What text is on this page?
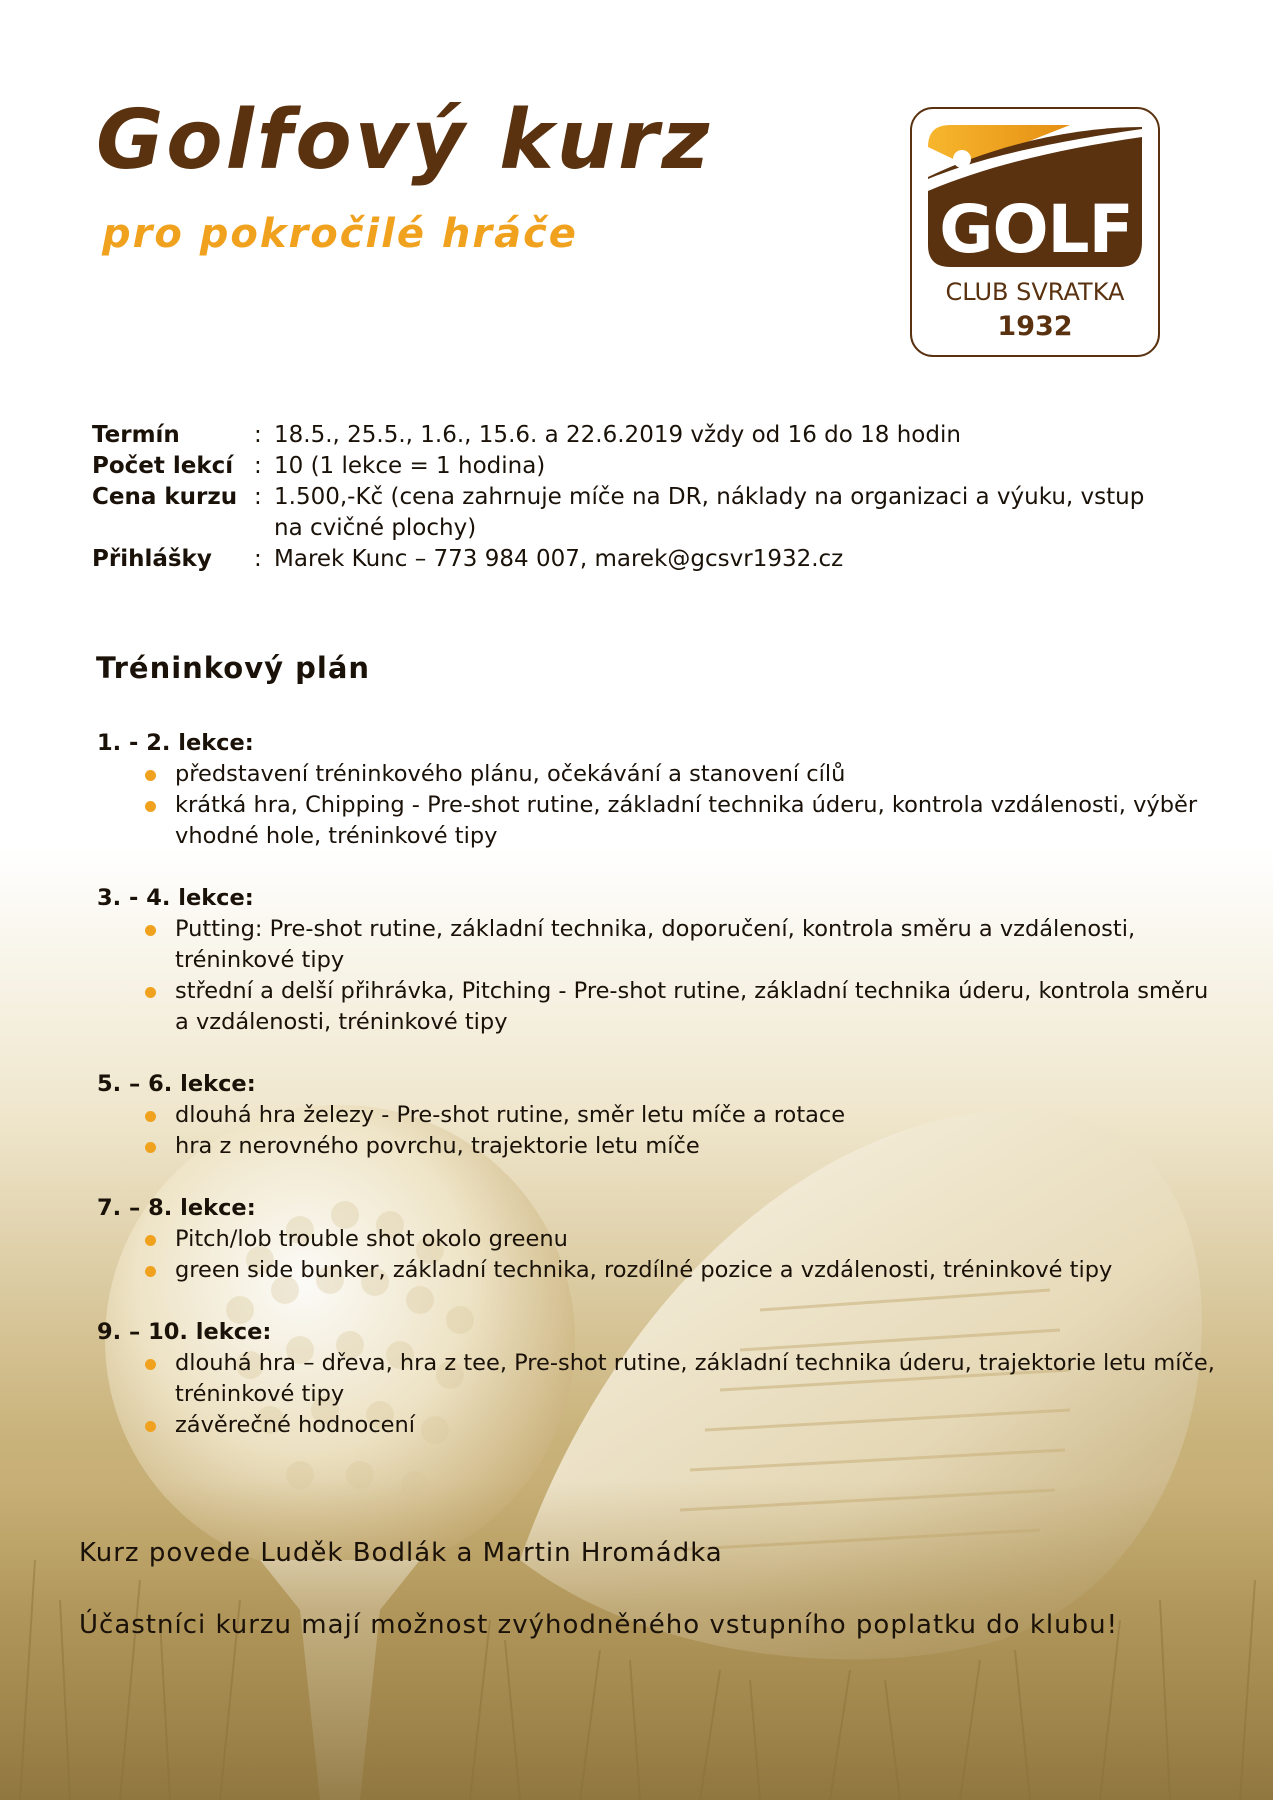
Golfový kurz
pro pokročilé hráče	GOLF
CLUB SVRATKA
1932
Termín	: 18.5., 25.5., 1.6., 15.6. a 22.6.2019 vždy od 16 do 18 hodin
Počet lekcí : 10 (1 lekce = 1 hodina)
Cena kurzu : 1.500,-Kč (cena zahrnuje míče na DR, náklady na organizaci a výuku, vstup na cvičné plochy)
Přihlášky	: Marek Kunc – 773 984 007, marek@gcsvr1932.cz
Tréninkový plán
1. - 2. lekce:
představení tréninkového plánu, očekávání a stanovení cílů
krátká hra, Chipping - Pre-shot rutine, základní technika úderu, kontrola vzdálenosti, výběr vhodné hole, tréninkové tipy
3. - 4. lekce:
Putting: Pre-shot rutine, základní technika, doporučení, kontrola směru a vzdálenosti, tréninkové tipy
střední a delší přihrávka, Pitching - Pre-shot rutine, základní technika úderu, kontrola směru a vzdálenosti, tréninkové tipy
5. – 6. lekce:
dlouhá hra železy - Pre-shot rutine, směr letu míče a rotace
hra z nerovného povrchu, trajektorie letu míče
7. – 8. lekce:
Pitch/lob trouble shot okolo greenu
green side bunker, základní technika, rozdílné pozice a vzdálenosti, tréninkové tipy
9. – 10. lekce:
dlouhá hra – dřeva, hra z tee, Pre-shot rutine, základní technika úderu, trajektorie letu míče, tréninkové tipy
závěrečné hodnocení
Kurz povede Luděk Bodlák a Martin Hromádka
Účastníci kurzu mají možnost zvýhodněného vstupního poplatku do klubu!
